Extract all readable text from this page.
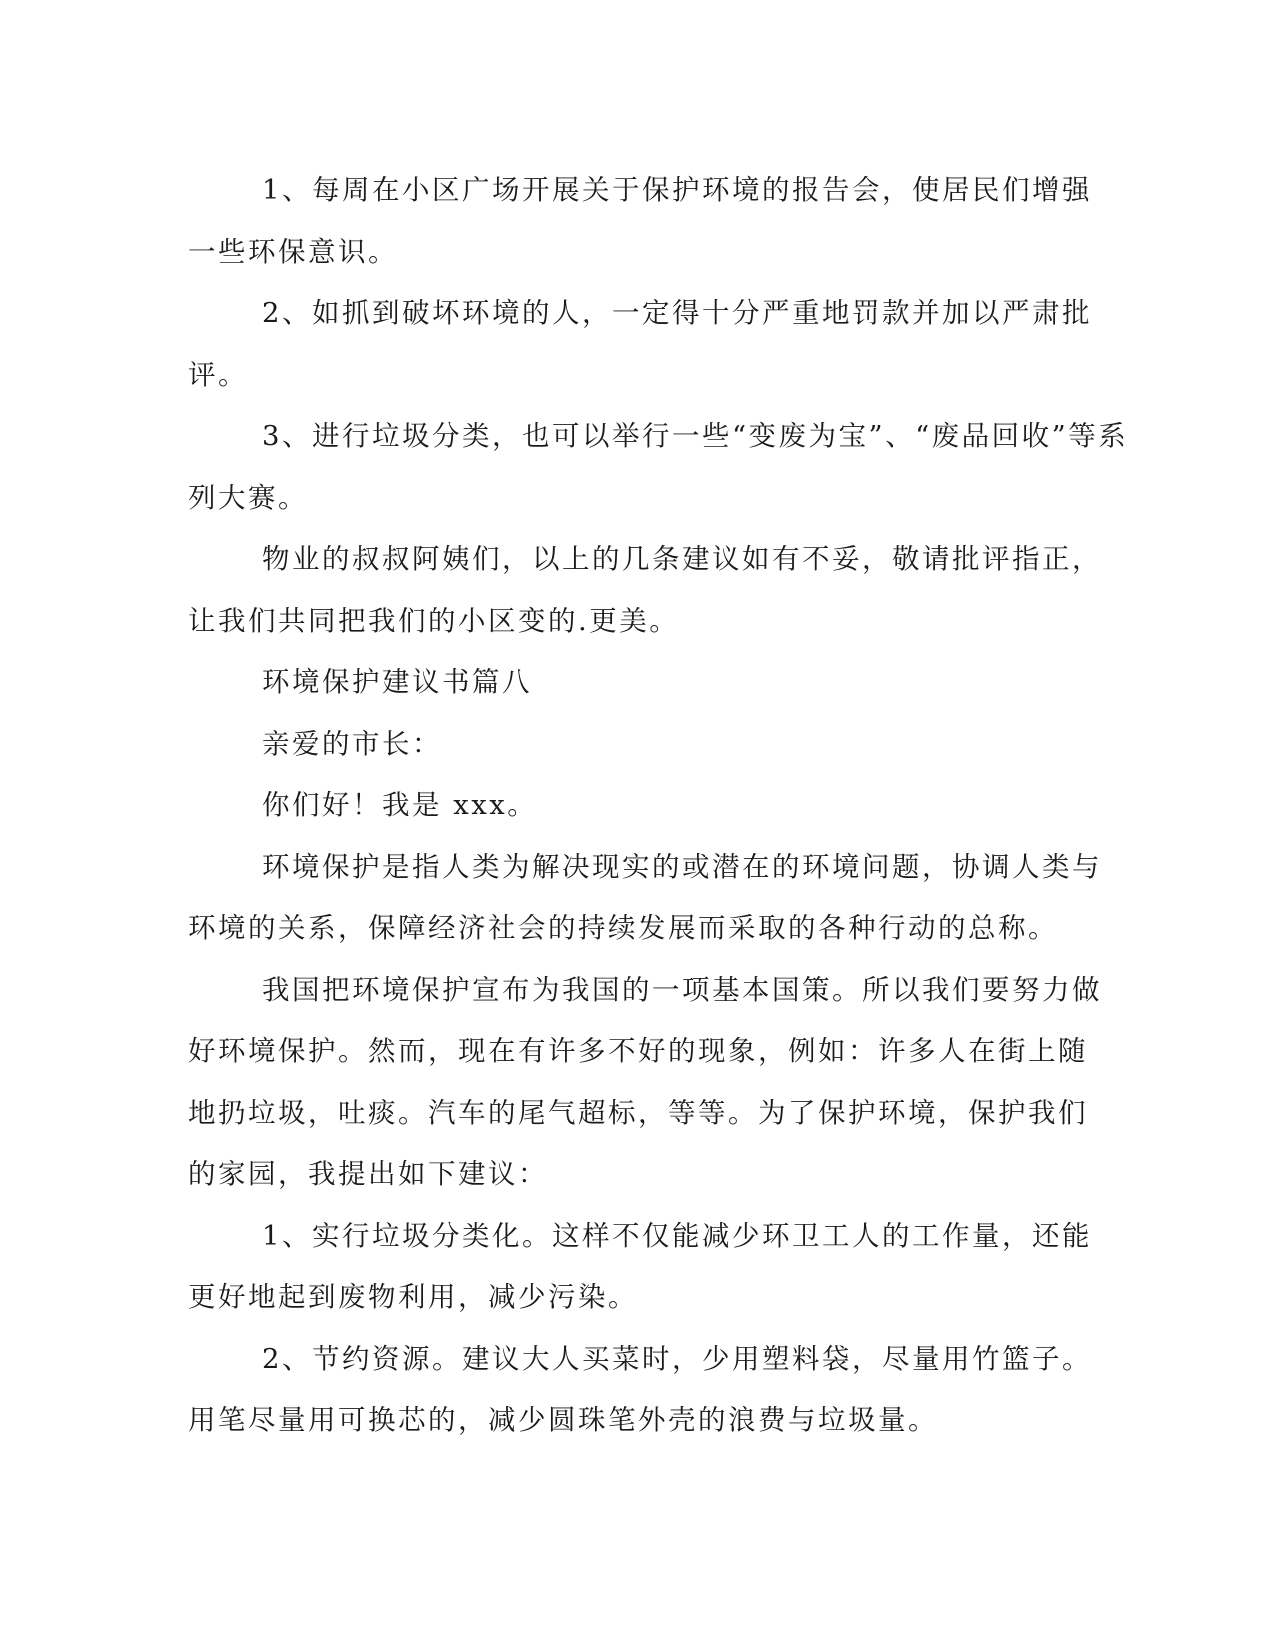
1、每周在小区广场开展关于保护环境的报告会，使居民们增强
一些环保意识。
2、如抓到破坏环境的人，一定得十分严重地罚款并加以严肃批
评。
3、进行垃圾分类，也可以举行一些“变废为宝”、“废品回收”等系
列大赛。
物业的叔叔阿姨们，以上的几条建议如有不妥，敬请批评指正，
让我们共同把我们的小区变的.更美。
环境保护建议书篇八
亲爱的市长：
你们好！我是 xxx。
环境保护是指人类为解决现实的或潜在的环境问题，协调人类与
环境的关系，保障经济社会的持续发展而采取的各种行动的总称。
我国把环境保护宣布为我国的一项基本国策。所以我们要努力做
好环境保护。然而，现在有许多不好的现象，例如：许多人在街上随
地扔垃圾，吐痰。汽车的尾气超标，等等。为了保护环境，保护我们
的家园，我提出如下建议：
1、实行垃圾分类化。这样不仅能减少环卫工人的工作量，还能
更好地起到废物利用，减少污染。
2、节约资源。建议大人买菜时，少用塑料袋，尽量用竹篮子。
用笔尽量用可换芯的，减少圆珠笔外壳的浪费与垃圾量。
